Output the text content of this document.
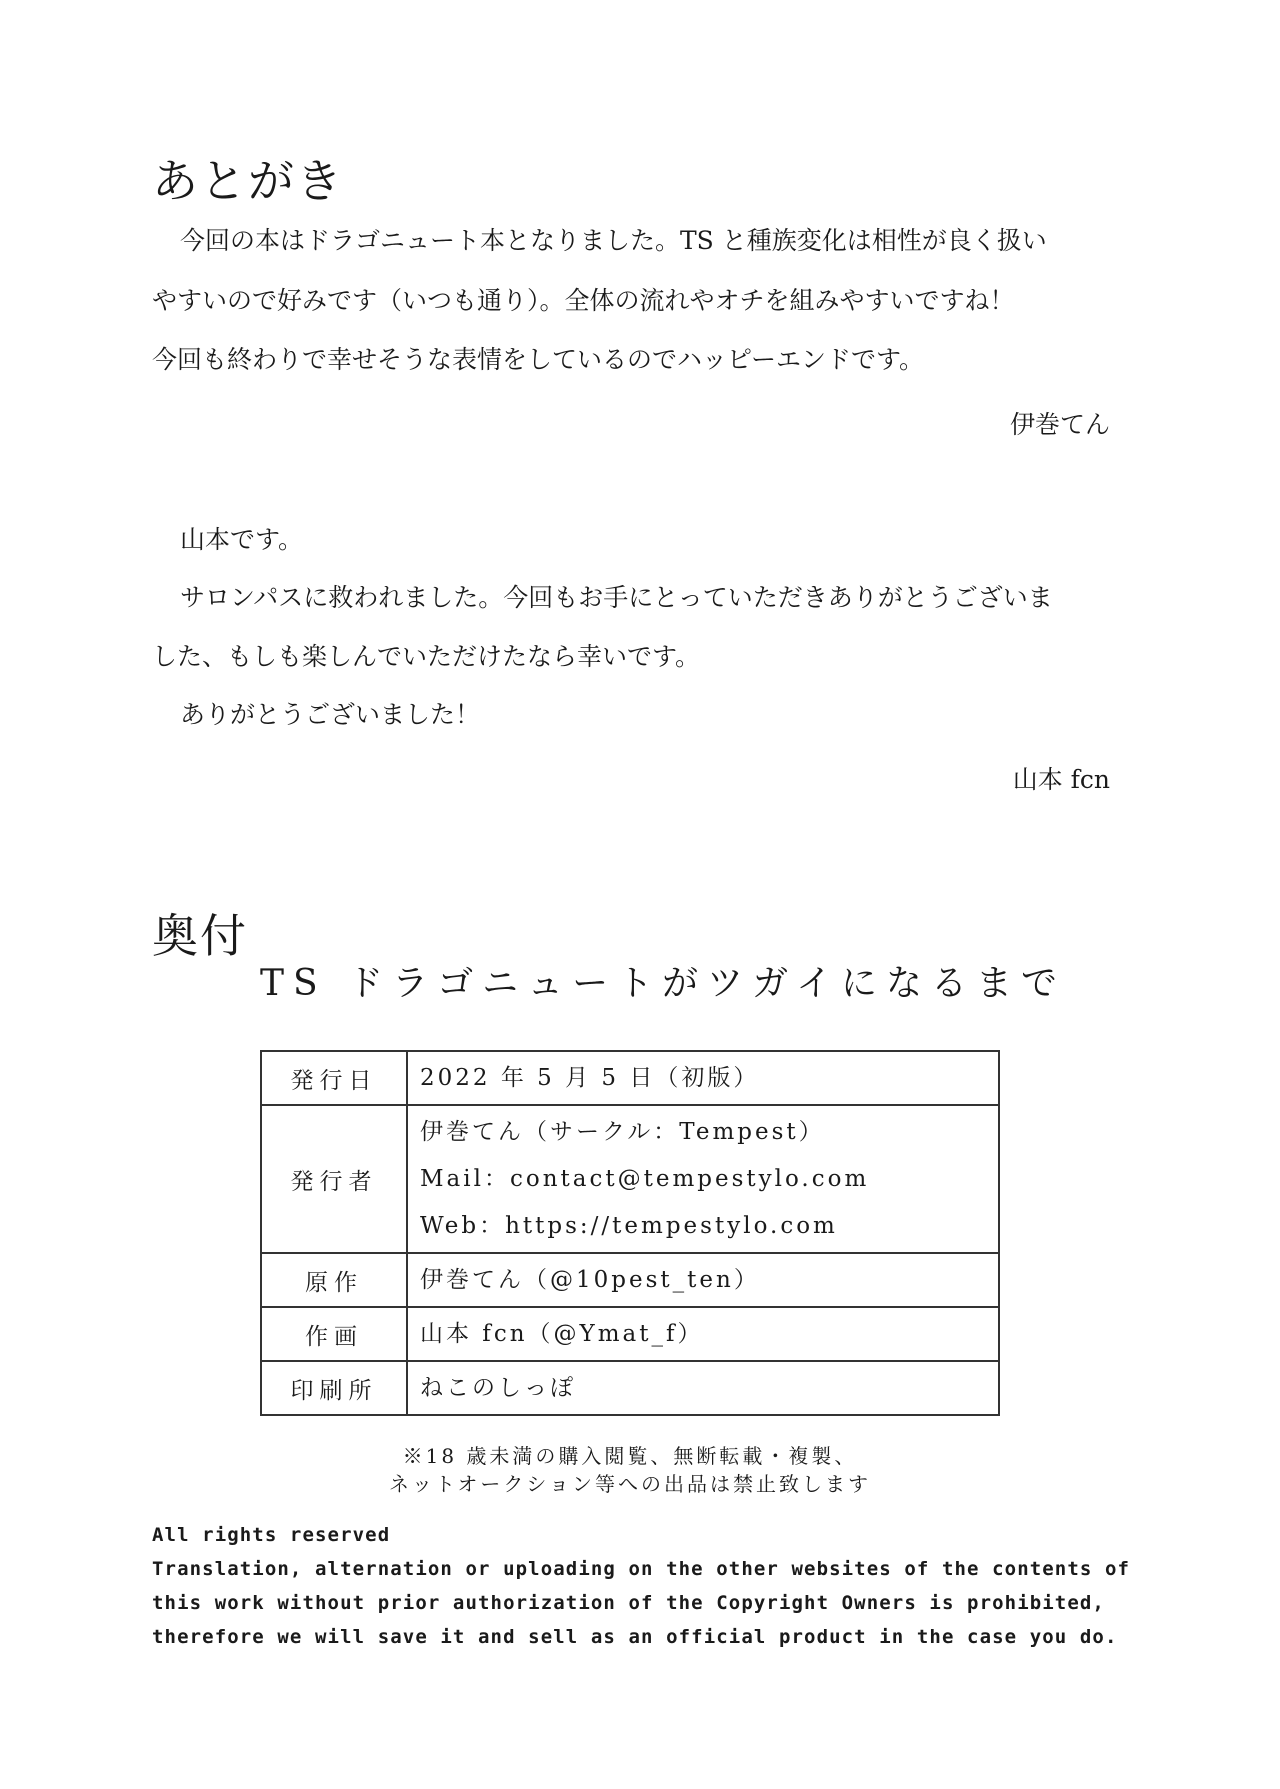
あとがき
今回の本はドラゴニュート本となりました。TS と種族変化は相性が良く扱い
やすいので好みです（いつも通り）。全体の流れやオチを組みやすいですね！
今回も終わりで幸せそうな表情をしているのでハッピーエンドです。
伊巻てん
山本です。
サロンパスに救われました。今回もお手にとっていただきありがとうございま
した、もしも楽しんでいただけたなら幸いです。
ありがとうございました！
山本 fcn
奥付
TS ドラゴニュートがツガイになるまで
発行日	2022 年 5 月 5 日（初版）

発行者	伊巻てん（サークル：Tempest）
Mail：contact@tempestylo.com
Web：https://tempestylo.com

原作	伊巻てん（@10pest_ten）

作画	山本 fcn（@Ymat_f）

印刷所	ねこのしっぽ
※18 歳未満の購入閲覧、無断転載・複製、
ネットオークション等への出品は禁止致します
All rights reserved
Translation, alternation or uploading on the other websites of the contents of
this work without prior authorization of the Copyright Owners is prohibited,
therefore we will save it and sell as an official product in the case you do.
